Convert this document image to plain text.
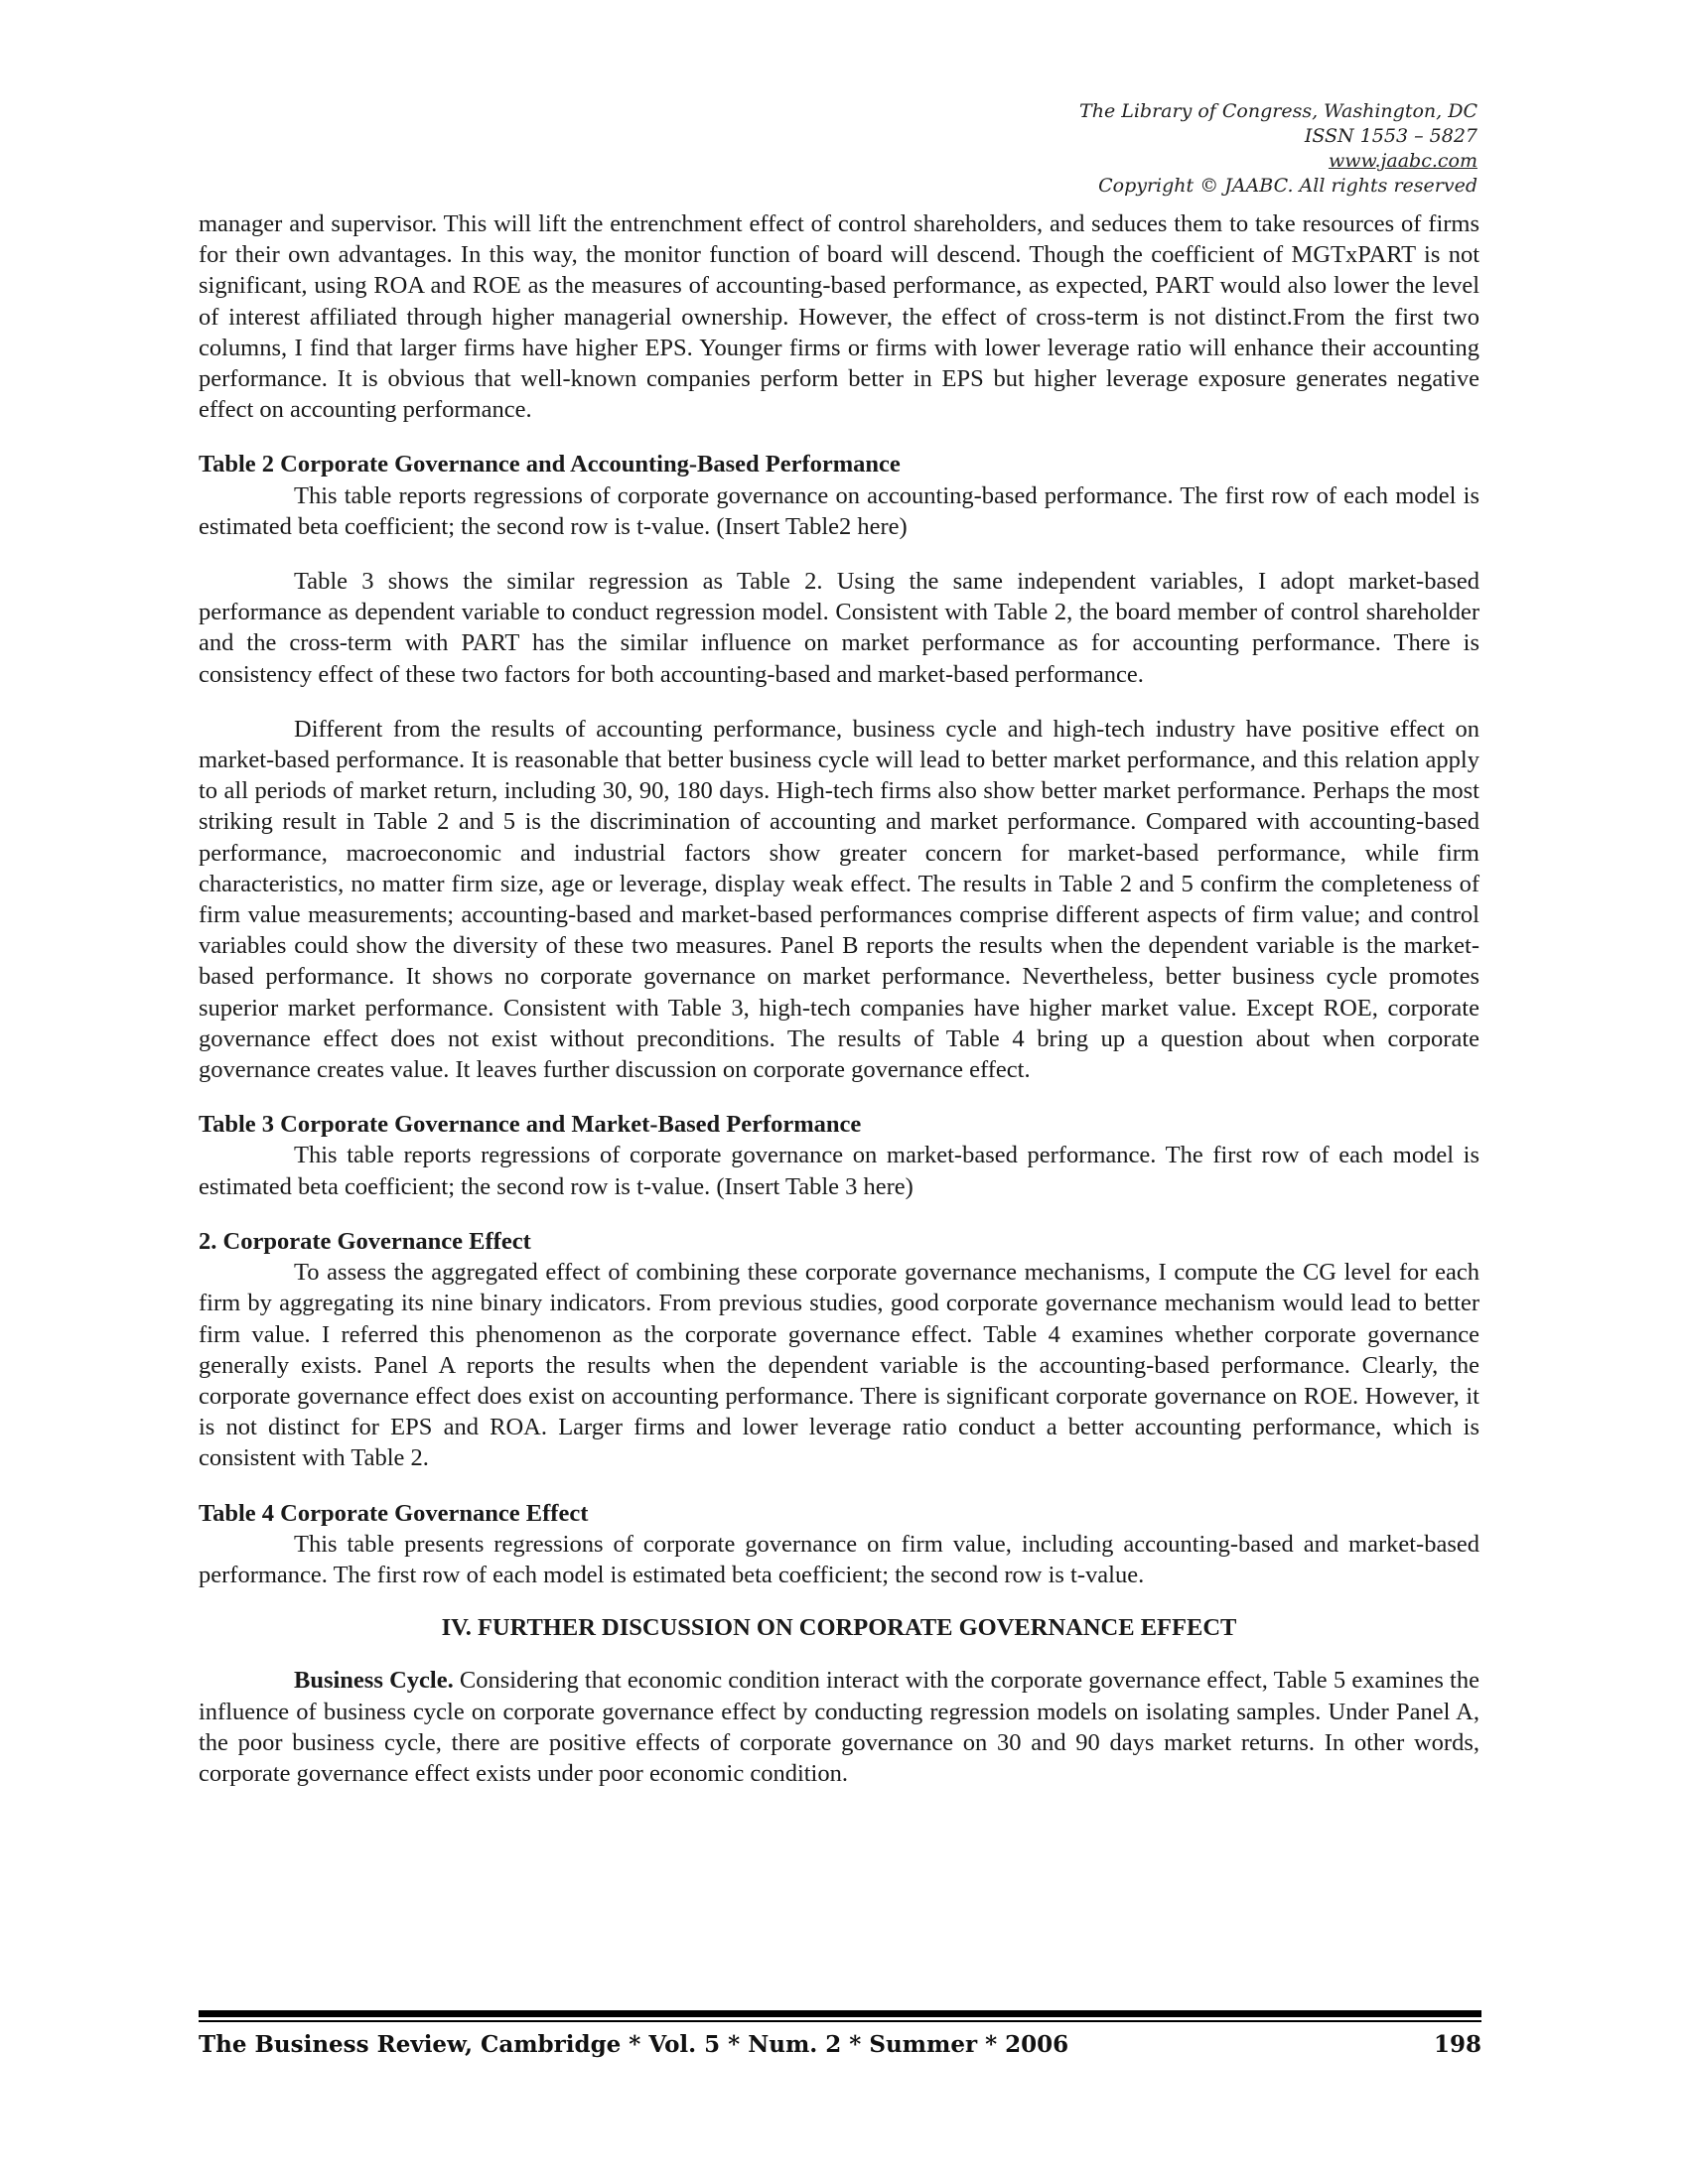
The Library of Congress, Washington, DC
ISSN 1553 – 5827
www.jaabc.com
Copyright © JAABC. All rights reserved

manager and supervisor. This will lift the entrenchment effect of control shareholders, and seduces them to take resources of firms for their own advantages. In this way, the monitor function of board will descend. Though the coefficient of MGTxPART is not significant, using ROA and ROE as the measures of accounting-based performance, as expected, PART would also lower the level of interest affiliated through higher managerial ownership. However, the effect of cross-term is not distinct.From the first two columns, I find that larger firms have higher EPS. Younger firms or firms with lower leverage ratio will enhance their accounting performance. It is obvious that well-known companies perform better in EPS but higher leverage exposure generates negative effect on accounting performance.

Table 2 Corporate Governance and Accounting-Based Performance

This table reports regressions of corporate governance on accounting-based performance. The first row of each model is estimated beta coefficient; the second row is t-value. (Insert Table2 here)

Table 3 shows the similar regression as Table 2. Using the same independent variables, I adopt market-based performance as dependent variable to conduct regression model. Consistent with Table 2, the board member of control shareholder and the cross-term with PART has the similar influence on market performance as for accounting performance. There is consistency effect of these two factors for both accounting-based and market-based performance.

Different from the results of accounting performance, business cycle and high-tech industry have positive effect on market-based performance. It is reasonable that better business cycle will lead to better market performance, and this relation apply to all periods of market return, including 30, 90, 180 days. High-tech firms also show better market performance. Perhaps the most striking result in Table 2 and 5 is the discrimination of accounting and market performance. Compared with accounting-based performance, macroeconomic and industrial factors show greater concern for market-based performance, while firm characteristics, no matter firm size, age or leverage, display weak effect. The results in Table 2 and 5 confirm the completeness of firm value measurements; accounting-based and market-based performances comprise different aspects of firm value; and control variables could show the diversity of these two measures. Panel B reports the results when the dependent variable is the market-based performance. It shows no corporate governance on market performance. Nevertheless, better business cycle promotes superior market performance. Consistent with Table 3, high-tech companies have higher market value. Except ROE, corporate governance effect does not exist without preconditions. The results of Table 4 bring up a question about when corporate governance creates value. It leaves further discussion on corporate governance effect.

Table 3 Corporate Governance and Market-Based Performance

This table reports regressions of corporate governance on market-based performance. The first row of each model is estimated beta coefficient; the second row is t-value. (Insert Table 3 here)

2. Corporate Governance Effect

To assess the aggregated effect of combining these corporate governance mechanisms, I compute the CG level for each firm by aggregating its nine binary indicators. From previous studies, good corporate governance mechanism would lead to better firm value. I referred this phenomenon as the corporate governance effect. Table 4 examines whether corporate governance generally exists. Panel A reports the results when the dependent variable is the accounting-based performance. Clearly, the corporate governance effect does exist on accounting performance. There is significant corporate governance on ROE. However, it is not distinct for EPS and ROA. Larger firms and lower leverage ratio conduct a better accounting performance, which is consistent with Table 2.

Table 4 Corporate Governance Effect

This table presents regressions of corporate governance on firm value, including accounting-based and market-based performance. The first row of each model is estimated beta coefficient; the second row is t-value.

IV. FURTHER DISCUSSION ON CORPORATE GOVERNANCE EFFECT

Business Cycle. Considering that economic condition interact with the corporate governance effect, Table 5 examines the influence of business cycle on corporate governance effect by conducting regression models on isolating samples. Under Panel A, the poor business cycle, there are positive effects of corporate governance on 30 and 90 days market returns. In other words, corporate governance effect exists under poor economic condition.

The Business Review, Cambridge * Vol. 5 * Num. 2 * Summer * 2006	198
